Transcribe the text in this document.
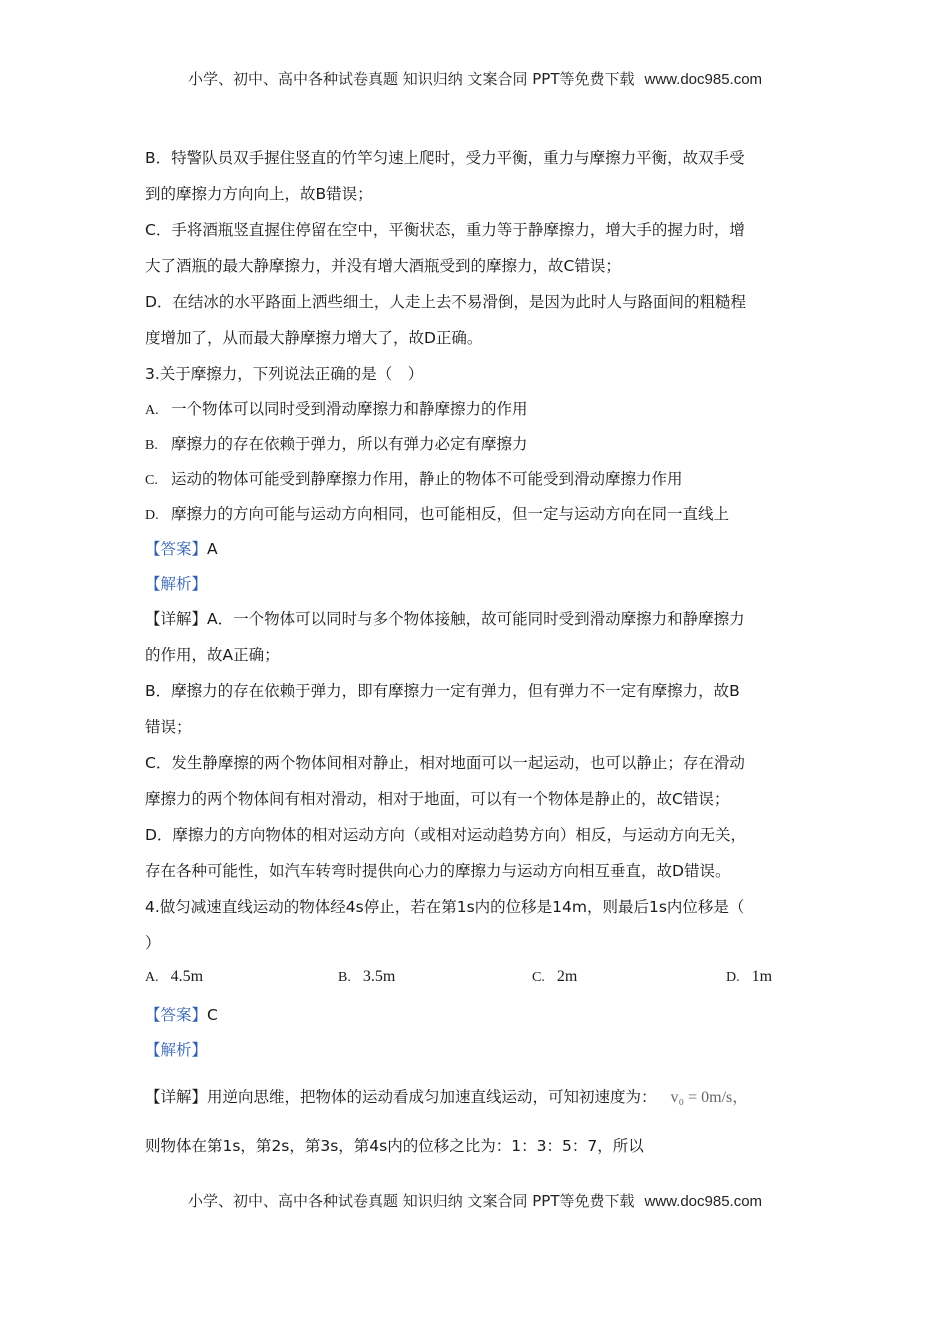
小学、初中、高中各种试卷真题 知识归纳 文案合同 PPT等免费下载 www.doc985.com
B．特警队员双手握住竖直的竹竿匀速上爬时，受力平衡，重力与摩擦力平衡，故双手受
到的摩擦力方向向上，故B错误；
C．手将酒瓶竖直握住停留在空中，平衡状态，重力等于静摩擦力，增大手的握力时，增
大了酒瓶的最大静摩擦力，并没有增大酒瓶受到的摩擦力，故C错误；
D．在结冰的水平路面上洒些细土，人走上去不易滑倒，是因为此时人与路面间的粗糙程
度增加了，从而最大静摩擦力增大了，故D正确。
3.关于摩擦力，下列说法正确的是（　）
A. 一个物体可以同时受到滑动摩擦力和静摩擦力的作用
B. 摩擦力的存在依赖于弹力，所以有弹力必定有摩擦力
C. 运动的物体可能受到静摩擦力作用，静止的物体不可能受到滑动摩擦力作用
D. 摩擦力的方向可能与运动方向相同，也可能相反，但一定与运动方向在同一直线上
【答案】A
【解析】
【详解】A．一个物体可以同时与多个物体接触，故可能同时受到滑动摩擦力和静摩擦力
的作用，故A正确；
B．摩擦力的存在依赖于弹力，即有摩擦力一定有弹力，但有弹力不一定有摩擦力，故B
错误；
C．发生静摩擦的两个物体间相对静止，相对地面可以一起运动，也可以静止；存在滑动
摩擦力的两个物体间有相对滑动，相对于地面，可以有一个物体是静止的，故C错误；
D．摩擦力的方向物体的相对运动方向（或相对运动趋势方向）相反，与运动方向无关，
存在各种可能性，如汽车转弯时提供向心力的摩擦力与运动方向相互垂直，故D错误。
4.做匀减速直线运动的物体经4s停止，若在第1s内的位移是14m，则最后1s内位移是（
）
A. 4.5m	B. 3.5m	C. 2m	D. 1m
【答案】C
【解析】
【详解】用逆向思维，把物体的运动看成匀加速直线运动，可知初速度为： v₀ = 0m/s，
则物体在第1s，第2s，第3s，第4s内的位移之比为：1：3：5：7，所以
小学、初中、高中各种试卷真题 知识归纳 文案合同 PPT等免费下载 www.doc985.com
